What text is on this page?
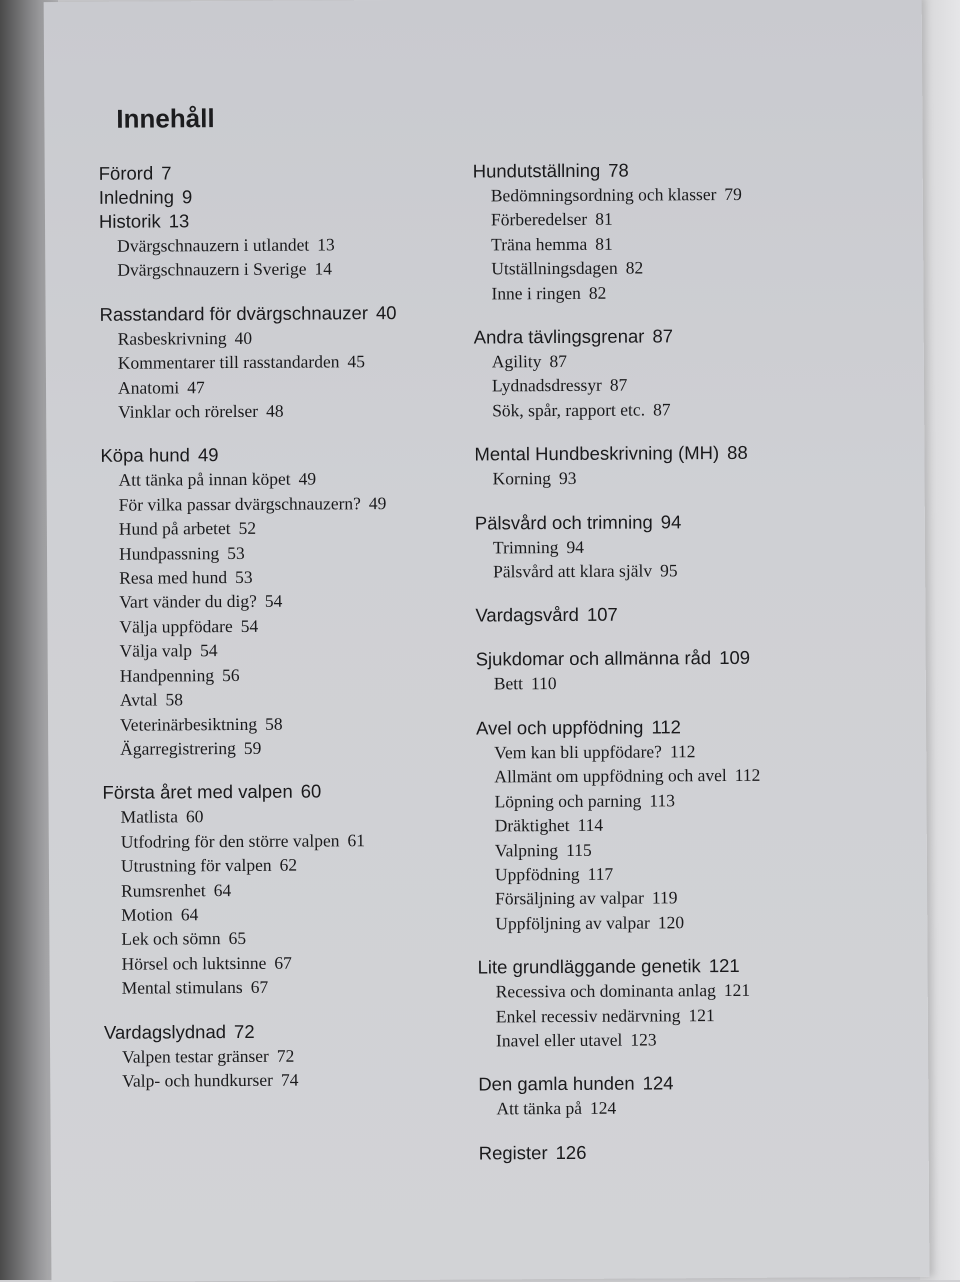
Innehåll
Förord 7
Inledning 9
Historik 13
Dvärgschnauzern i utlandet 13
Dvärgschnauzern i Sverige 14
Rasstandard för dvärgschnauzer 40
Rasbeskrivning 40
Kommentarer till rasstandarden 45
Anatomi 47
Vinklar och rörelser 48
Köpa hund 49
Att tänka på innan köpet 49
För vilka passar dvärgschnauzern? 49
Hund på arbetet 52
Hundpassning 53
Resa med hund 53
Vart vänder du dig? 54
Välja uppfödare 54
Välja valp 54
Handpenning 56
Avtal 58
Veterinärbesiktning 58
Ägarregistrering 59
Första året med valpen 60
Matlista 60
Utfodring för den större valpen 61
Utrustning för valpen 62
Rumsrenhet 64
Motion 64
Lek och sömn 65
Hörsel och luktsinne 67
Mental stimulans 67
Vardagslydnad 72
Valpen testar gränser 72
Valp- och hundkurser 74
Hundutställning 78
Bedömningsordning och klasser 79
Förberedelser 81
Träna hemma 81
Utställningsdagen 82
Inne i ringen 82
Andra tävlingsgrenar 87
Agility 87
Lydnadsdressyr 87
Sök, spår, rapport etc. 87
Mental Hundbeskrivning (MH) 88
Korning 93
Pälsvård och trimning 94
Trimning 94
Pälsvård att klara själv 95
Vardagsvård 107
Sjukdomar och allmänna råd 109
Bett 110
Avel och uppfödning 112
Vem kan bli uppfödare? 112
Allmänt om uppfödning och avel 112
Löpning och parning 113
Dräktighet 114
Valpning 115
Uppfödning 117
Försäljning av valpar 119
Uppföljning av valpar 120
Lite grundläggande genetik 121
Recessiva och dominanta anlag 121
Enkel recessiv nedärvning 121
Inavel eller utavel 123
Den gamla hunden 124
Att tänka på 124
Register 126
